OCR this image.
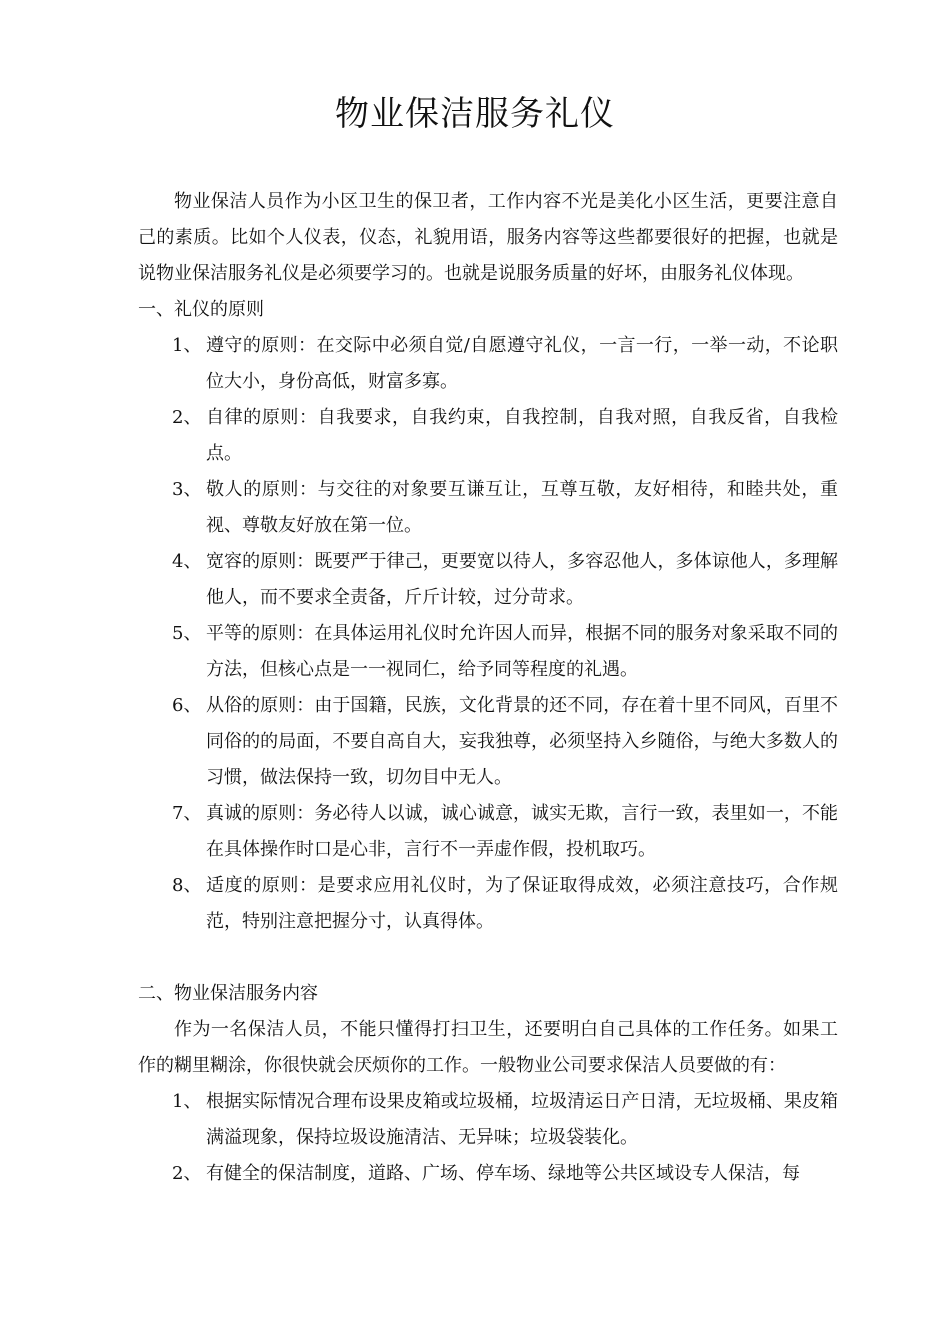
物业保洁服务礼仪

物业保洁人员作为小区卫生的保卫者，工作内容不光是美化小区生活，更要注意自己的素质。比如个人仪表，仪态，礼貌用语，服务内容等这些都要很好的把握，也就是说物业保洁服务礼仪是必须要学习的。也就是说服务质量的好坏，由服务礼仪体现。

一、礼仪的原则

1、 遵守的原则：在交际中必须自觉/自愿遵守礼仪，一言一行，一举一动，不论职位大小，身份高低，财富多寡。
2、 自律的原则：自我要求，自我约束，自我控制，自我对照，自我反省，自我检点。
3、 敬人的原则：与交往的对象要互谦互让，互尊互敬，友好相待，和睦共处，重视、尊敬友好放在第一位。
4、 宽容的原则：既要严于律己，更要宽以待人，多容忍他人，多体谅他人，多理解他人，而不要求全责备，斤斤计较，过分苛求。
5、 平等的原则：在具体运用礼仪时允许因人而异，根据不同的服务对象采取不同的方法，但核心点是一一视同仁，给予同等程度的礼遇。
6、 从俗的原则：由于国籍，民族，文化背景的还不同，存在着十里不同风，百里不同俗的的局面，不要自高自大，妄我独尊，必须坚持入乡随俗，与绝大多数人的习惯，做法保持一致，切勿目中无人。
7、 真诚的原则：务必待人以诚，诚心诚意，诚实无欺，言行一致，表里如一，不能在具体操作时口是心非，言行不一弄虚作假，投机取巧。
8、 适度的原则：是要求应用礼仪时，为了保证取得成效，必须注意技巧，合作规范，特别注意把握分寸，认真得体。

二、物业保洁服务内容

作为一名保洁人员，不能只懂得打扫卫生，还要明白自己具体的工作任务。如果工作的糊里糊涂，你很快就会厌烦你的工作。一般物业公司要求保洁人员要做的有：

1、 根据实际情况合理布设果皮箱或垃圾桶，垃圾清运日产日清，无垃圾桶、果皮箱满溢现象，保持垃圾设施清洁、无异味；垃圾袋装化。
2、 有健全的保洁制度，道路、广场、停车场、绿地等公共区域设专人保洁，每
